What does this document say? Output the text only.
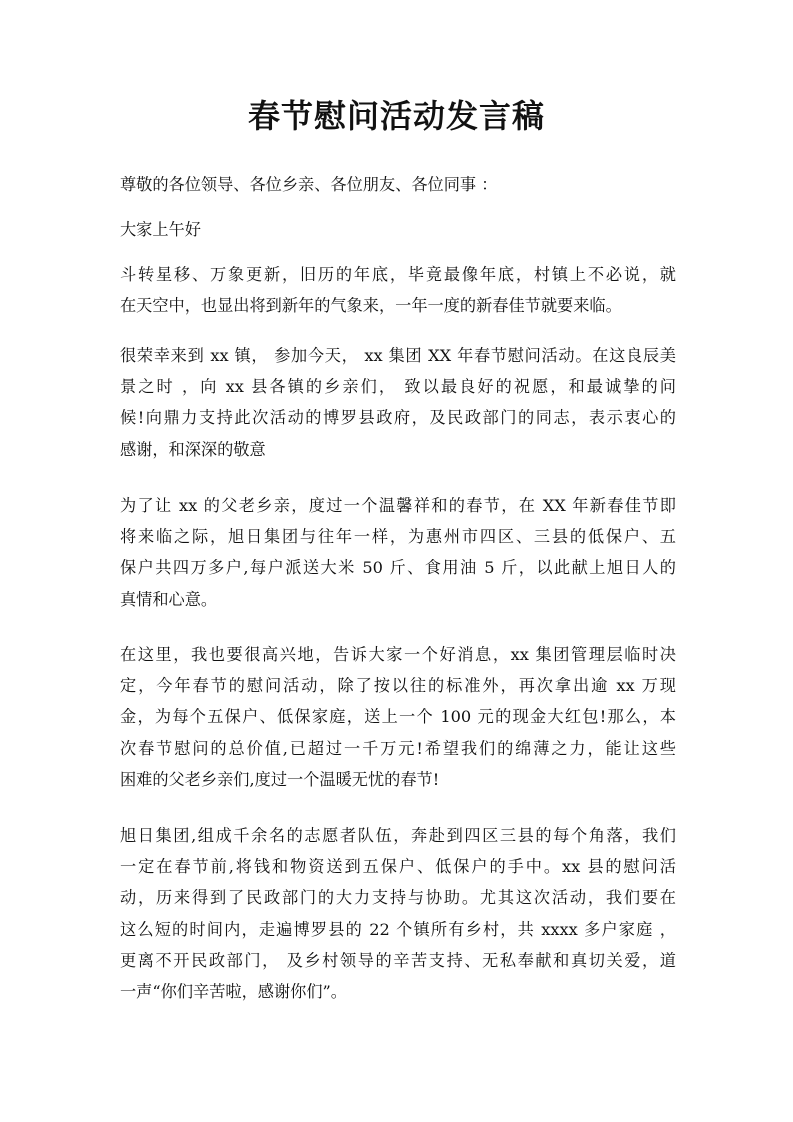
春节慰问活动发言稿
尊敬的各位领导、各位乡亲、各位朋友、各位同事 ：
大家上午好
斗转星移、万象更新，旧历的年底，毕竟最像年底，村镇上不必说，就
在天空中，也显出将到新年的气象来，一年一度的新春佳节就要来临。
很荣幸来到 xx 镇， 参加今天， xx 集团 XX 年春节慰问活动。在这良辰美
景之时 ，向 xx 县各镇的乡亲们， 致以最良好的祝愿，和最诚挚的问
候!向鼎力支持此次活动的博罗县政府，及民政部门的同志，表示衷心的
感谢，和深深的敬意
为了让 xx 的父老乡亲，度过一个温馨祥和的春节，在 XX 年新春佳节即
将来临之际，旭日集团与往年一样，为惠州市四区、三县的低保户、五
保户共四万多户,每户派送大米 50 斤、食用油 5 斤，以此献上旭日人的
真情和心意。
在这里，我也要很高兴地，告诉大家一个好消息，xx 集团管理层临时决
定，今年春节的慰问活动，除了按以往的标准外，再次拿出逾 xx 万现
金，为每个五保户、低保家庭，送上一个 100 元的现金大红包!那么，本
次春节慰问的总价值,已超过一千万元!希望我们的绵薄之力，能让这些
困难的父老乡亲们,度过一个温暖无忧的春节!
旭日集团,组成千余名的志愿者队伍，奔赴到四区三县的每个角落，我们
一定在春节前,将钱和物资送到五保户、低保户的手中。xx 县的慰问活
动，历来得到了民政部门的大力支持与协助。尤其这次活动，我们要在
这么短的时间内，走遍博罗县的 22 个镇所有乡村，共 xxxx 多户家庭 ，
更离不开民政部门， 及乡村领导的辛苦支持、无私奉献和真切关爱，道
一声“你们辛苦啦，感谢你们”。
